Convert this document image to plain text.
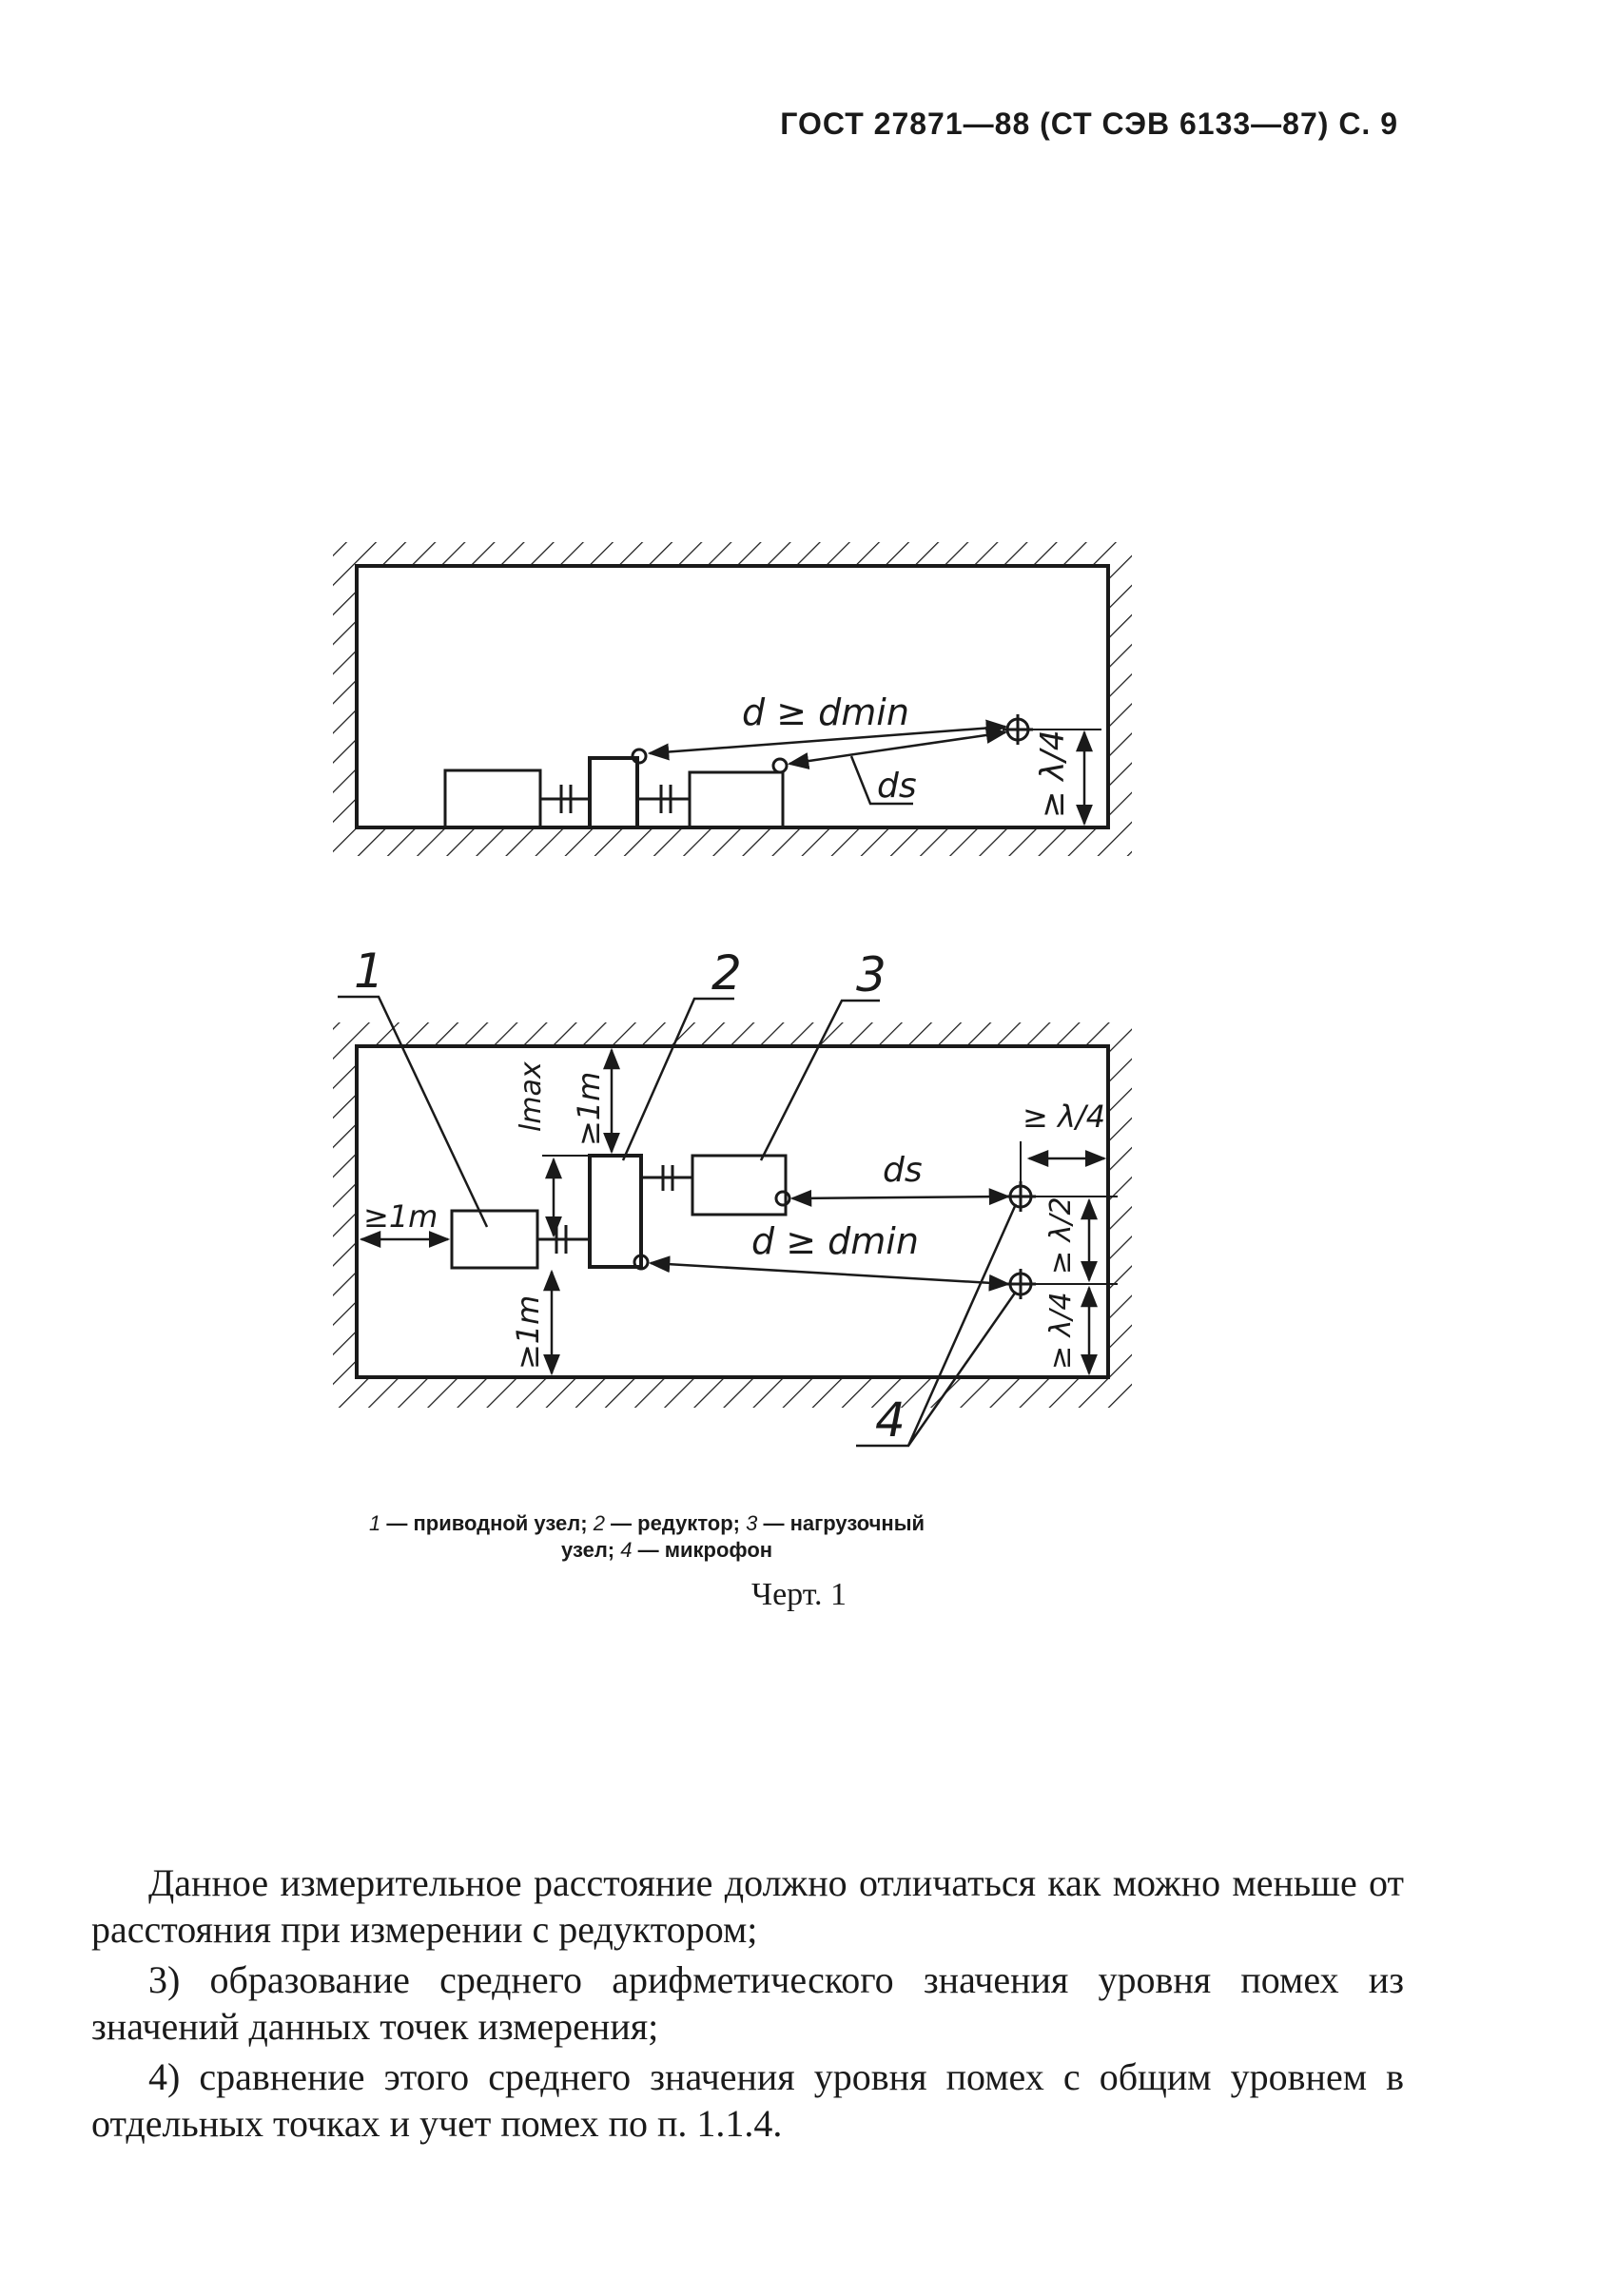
ГОСТ 27871—88 (СТ СЭВ 6133—87) С. 9
d ≥ dmin
ds	≥ λ/4
ds
d ≥ dmin
≥1m
≥1m
≥1m
lmax	≥ λ/4
≥ λ/2
≥ λ/4
1	2 3
4
1 — приводной узел; 2 — редуктор; 3 — нагрузочный
узел; 4 — микрофон
Черт. 1

Данное измерительное расстояние должно отличаться как можно меньше от расстояния при измерении с редуктором;

3) образование среднего арифметического значения уровня помех из значений данных точек измерения;

4) сравнение этого среднего значения уровня помех с общим уровнем в отдельных точках и учет помех по п. 1.1.4.
